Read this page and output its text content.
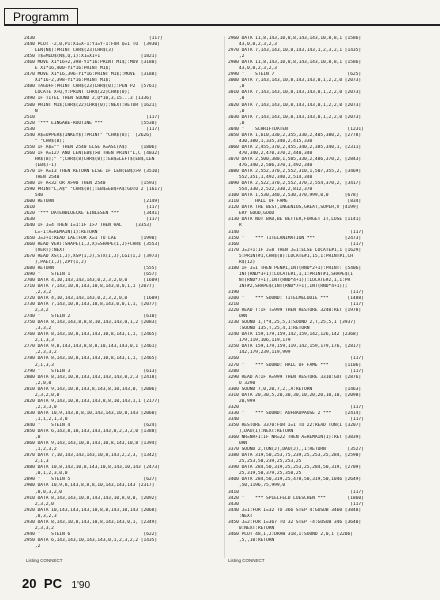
Programm
2430                                          [117]
2440 PLOT -2,0,P1:X1=X-1:Y1=Y-1:FOR Q=1 TO  [3930]
LEN(N$):PRINT CHR$(23)CHR$(3)
2450 T$=MID$(N$,Q,1):X1=X1+1               [1821]
2460 MOVE X1*16+2,398-Y1*16:PRINT M1$;:MOV [3180]
E X1*16,400-Y1*16:PRINT M1$;
2470 MOVE X1*16,396-Y1*16:PRINT M1$;:MOVE  [3188]
X1*16-2,398-Y1*16:PRINT M1$;
2480 TAGOFF:PRINT CHR$(23)CHR$(0);:PEN P2  [5761]
LOCATE X+Q,Y:PRINT CHR$(22)CHR$(0);
2490 IF TITEL THEN SOUND 2,Q*10,3,15...3 [1336]
2500 PRINT M1$;CHR$(22)CHR$(0);:NEXT:RETUR [1621]
N
2510                                         [117]
2520 '*** EINGABE-ROUTINE ***              [5530]
2530                                         [117]
2540 A$=UPPER$(INKEY$):PRINT" "CHR$(8);  [2626]
" "CHR$(8);
2550 IF A$="" THEN 2540 ELSE A=ASC(A$)     [1806]
2560 IF A=127 AND LEN(EB$)>0 THEN PRINT"L,C [4032]
HR$(8);" ";CHR$(8)CHR$(8);:EB$=LEFT$(EB$,LEN
(EB$)-1)
2570 IF A=13 THEN RETURN ELSE IF LEN(EB$)>9 [3510]
THEN 2540
2580 IF A<32 OR A>90 THEN 2540             [1593]
2590 PRINT"L,A$" "CHR$(8);:EB$=EB$+A$:GOTO 2 [1617]
540
2600 RETURN                                 [2149]
2610                                         [117]
2620 '*** DATENBLOECKE EINLESEN ***         [3441]
2630                                         [117]
2640 IF J=4 THEN I=1:IF I>7 THEN HAL     [3353]
L=-1:A=REMAIN(1):RETURN
2650 J=J+1:READ LAE:FOR X=1 TO LAE         [1990]
2660 READ VERT:SHAPE(I,J,X)=SHAPE(I,J)+CHR$ [3553]
(VERT):NEXT
2670 READ XS(I,J),XSP(I,J),STX(I,J),LGI(I,J [3973]
),PAE(I,J),ZPY(I,J)
2680 RETURN                                 [555]
2690 '    STEIN 1                           [657]
2700 DATA 4,10,143,143,143,0,2,3,2,0,0      [1609]
2710 DATA 7,143,10,8,143,10,8,143,0,0,1,1 [2077]
,2,3,2
2720 DATA 4,10,143,143,143,0,2,3,2,0,0      [1609]
2730 DATA 7,143,10,8,143,10,8,143,0,0,1,1, [2077]
2,3,2
2740 '    STEIN 2                           [610]
2750 DATA 8,143,143,8,8,8,10,143,143,0,1,2 [2083]
,3,3,2
2760 DATA 8,143,10,8,143,143,10,8,143,1,1, [2465]
2,1,3,3
2770 DATA 9,8,143,143,8,8,8,10,143,143,0,1 [2461]
,2,3,3,2
2780 DATA 8,143,10,8,143,143,10,8,143,1,1, [2465]
2,1,3,3
2790 '    STEIN 3                           [613]
2800 DATA 8,143,10,8,143,143,143,143,0,2,3 [2418]
,2,0,0
2810 DATA 9,143,10,8,143,8,143,8,10,143,0, [2006]
2,3,2,0,0
2820 DATA 9,143,10,8,143,143,8,8,10,143,1,1 [2177]
,2,3,3,0
2830 DATA 10,9,143,8,8,10,143,143,10,8,143 [2060]
,1,1,2,1,3,0
2840 '    STEIN 4                           [624]
2850 DATA 6,143,8,10,143,143,143,0,2,3,2,0 [1388]
,0
2860 DATA 9,143,143,10,8,143,10,8,143,10,8 [1394]
,1,2,3,2
2870 DATA 7,10,143,143,143,10,8,143,2,2,3, [1342]
2,1,3
2880 DATA 10,8,143,10,8,143,10,8,143,10,143 [2473]
,0,1,2,3,0,0
2890 '    STEIN 5                           [627]
2900 DATA 10,9,8,143,8,8,8,10,143,143,143 [2317]
,0,0,3,2,0
2910 DATA 8,143,143,10,8,143,143,10,8,0,0, [2092]
2,3,2,0
2920 DATA 10,143,143,143,10,8,8,143,10,143 [2068]
,0,3,2,3
2930 DATA 8,143,10,8,143,10,8,143,143,0,1, [2349]
2,3,3,2
2940 '    STEIN 6                           [622]
2950 DATA 6,143,143,10,143,143,0,1,2,3,2,2 [1435]
,2
2960 DATA 11,8,143,10,8,8,143,143,10,8,8,1 [1586]
43,0,0,2,3,2,3
2970 DATA 7,143,143,10,8,143,143,1,2,3,2,1 [1435]
,2
2980 DATA 11,8,143,10,8,8,143,143,10,8,8,1 [1586]
43,0,0,2,3,2,3
2990 '    STEIN 7                           [625]
3000 DATA 7,143,143,10,8,143,143,0,1,2,2,0 [2073]
,0
3010 DATA 7,143,143,10,8,143,143,0,1,2,2,0 [2073]
,0
3020 DATA 7,143,143,10,8,143,143,0,1,2,2,0 [2073]
,0
3030 DATA 7,143,143,10,8,143,143,0,1,2,2,0 [2073]
,0
3040 '    SCHRIFTDATEN                      [1231]
3050 DATA 1,610,330,2,355,330,2,405,380,2, [2778]
430,380,1,335,340,2,415,330
3060 DATA 2,455,370,2,455,340,2,385,340,1, [2311]
470,340,2,470,370,2,440,340
3070 DATA 2,500,380,1,505,330,2,486,370,2, [2843]
476,340,2,506,370,1,492,340
3080 DATA 2,552,370,2,552,310,1,507,355,2, [3469]
552,351,1,492,340,2,514,340
3090 DATA 2,522,370,2,552,370,2,554,370,2, [3417]
554,330,2,522,330,2,812,370
3100 DATA 1,530,340,2,530,370,999,0,0      [678]
3110 '    HALL OF FAME                      [834]
3120 DATA THE BEST,INGENIUS,GREAT,SUPER,V [4199]
ERY GOOD,GOOD
3130 DATA NOT BAD,BE BETTER,FORGET IT,LOSE [1141]
R
3140                                         [117]
3150 '    *** TITELANIMATION ***           [2473]
3160                                         [117]
3170 J=J+1:IF J=8 THEN J=1:ELSE LOCATE#1,1 [1629]
5:PRINT#1,CHR$(8):LOCATE#1,15,1:PRINT#1,CH
R$(12)
3180 IF J=1 THEN PEN#1,INT(RND*2+1):PRINT: [5406]
INT(RND*3+1):LOCATE#1,1,1:PRINT#1,SHAPE$(I
NT(RND*7+1),INT(RND*4+1)):LOCATE#2,1,1:PR
INT#2,SHAPE$(INT(RND*7+1),INT(RND*4+1));
3190                                         [117]
3200 '    *** SOUND: TITELMELODIE ***       [1488]
3210                                         [117]
3220 READ T:IF T=999 THEN RESTORE 3240:RET [1978]
URN
3230 SOUND 1,T*4,25,5,1:SOUND 2,T,25,5,1 [3937]
:SOUND 135,T,25,4,1:RETURN
3240 DATA 159,179,159,142,159,142,126,142 [2368]
179,119,106,119,179
3250 DATA 159,179,159,119,142,159,179,176, [2817]
142,179,239,119,999
3260                                         [117]
3270 '    *** SOUND: HALL OF FAME ***      [1106]
3280                                         [117]
3290 READ A:IF A=999 THEN RESTORE 3310:GOT [2876]
O 3290
3300 SOUND 7,0,20,7,2,,A:RETURN            [1463]
3310 DATA 20,30,5,20,30,30,10,20,20,10,10, [2098]
20,999
3320                                         [117]
3330 '    *** SOUND: AUFBAUPAUSE 2 ***     [2414]
3340                                         [117]
3350 RESTORE 3370:FOR I=1 TO 22:READ TON(I [3207]
),DAU(I):NEXT:RETURN
3360 NR=NR+1:IF NR=22 THEN A=REMAIN(1):RET [3839]
URN
3370 SOUND 2,TON(J),DAU(J),,1:RETURN        [3527]
3380 DATA 319,50,253,75,239,25,253,25,284, [2590]
25,253,50,239,25,253,25
3390 DATA 284,50,319,25,253,25,284,50,319, [2709]
25,319,50,379,25,358,25
3400 DATA 284,50,319,25,478,50,319,50,1046 [2649]
,50,1196,75,999,0
3410                                         [117]
3420 '    *** SPIELFELD LOESCHEN ***        [1860]
3430                                         [117]
3440 J=1:FOR I=32 TO 366 STEP 4:GOSUB 3460 [3848]
:NEXT
3450 J=2:FOR I=367 TO 32 STEP -4:GOSUB 346 [3640]
0:NEXT:RETURN
3460 PLOT 48,I,J:DRAW 318,I:SOUND 2,0,1 [2206]
,5,,10:RETURN
Listing CONNECT	Listing CONNECT
20 PC 1'90
